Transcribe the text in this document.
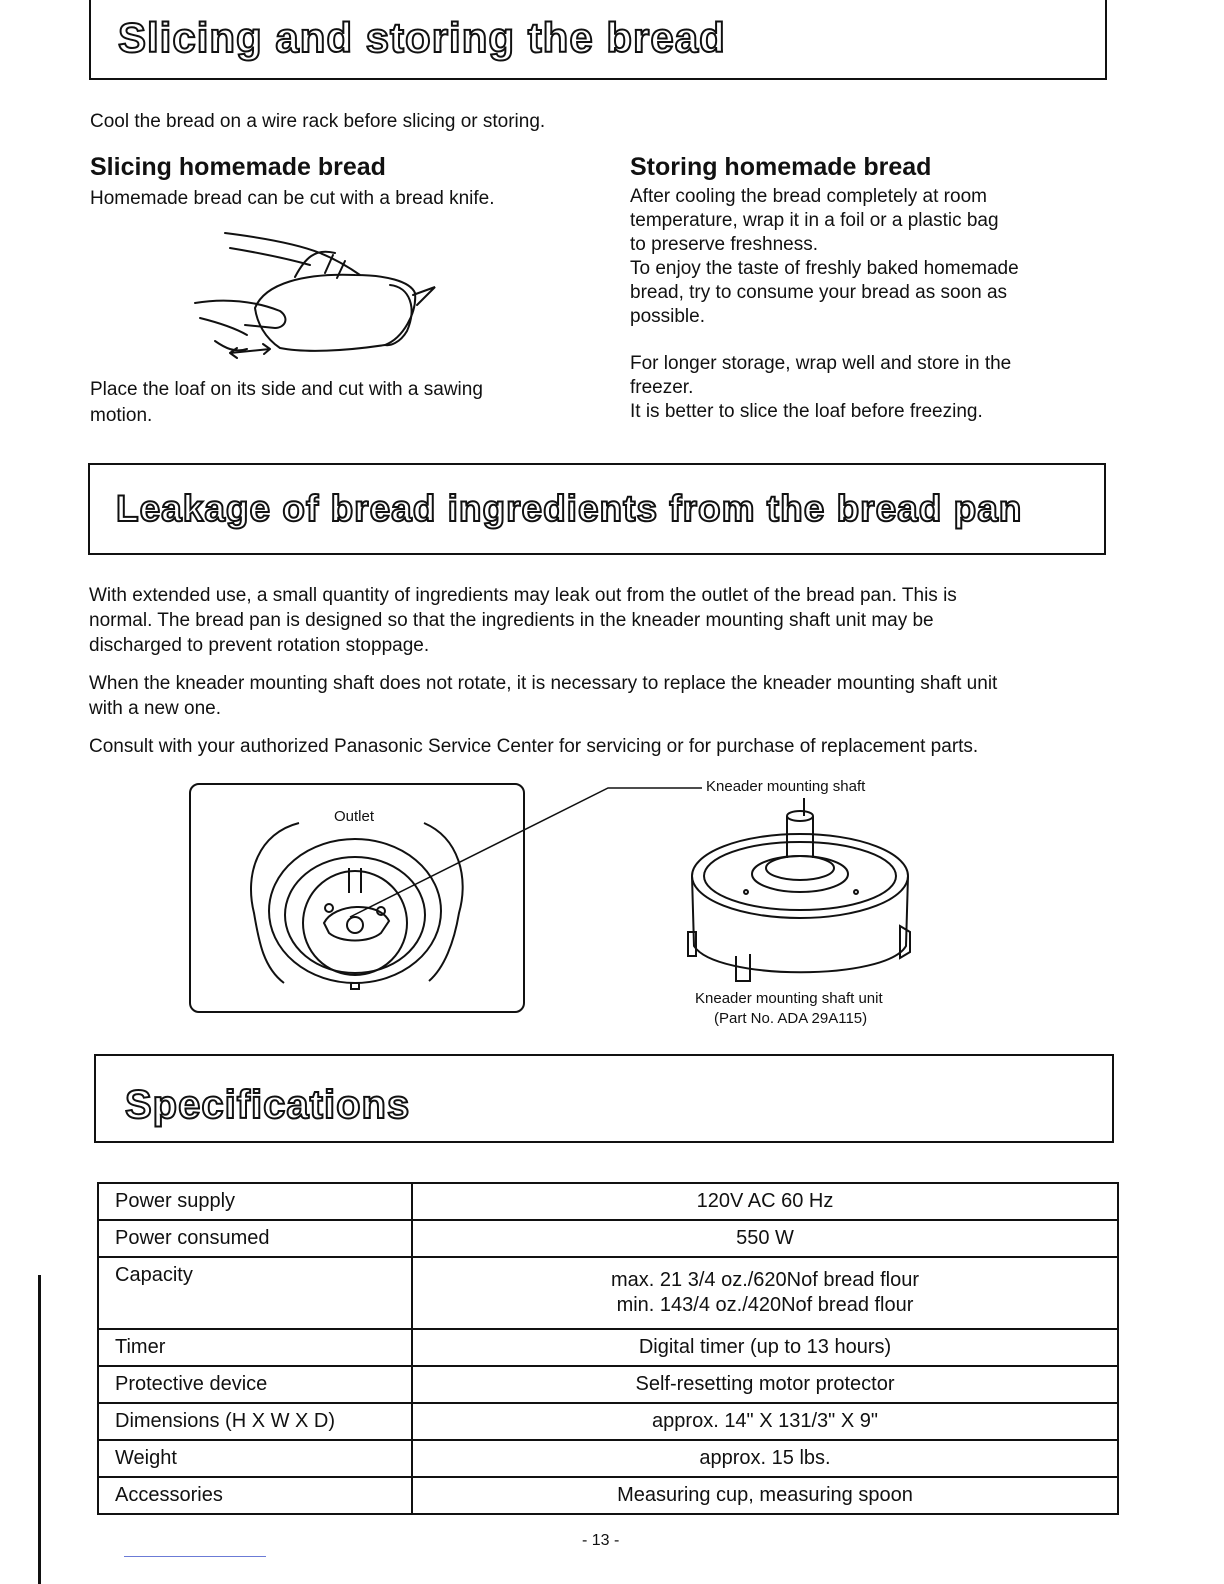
Slicing and storing the bread
Cool the bread on a wire rack before slicing or storing.
Slicing homemade bread
Homemade bread can be cut with a bread knife.
Place the loaf on its side and cut with a sawing
motion.
Storing homemade bread
After cooling the bread completely at room
temperature, wrap it in a foil or a plastic bag
to preserve freshness.
To enjoy the taste of freshly baked homemade
bread, try to consume your bread as soon as
possible.
For longer storage, wrap well and store in the
freezer.
It is better to slice the loaf before freezing.
Leakage of bread ingredients from the bread pan
With extended use, a small quantity of ingredients may leak out from the outlet of the bread pan. This is
normal. The bread pan is designed so that the ingredients in the kneader mounting shaft unit may be
discharged to prevent rotation stoppage.
When the kneader mounting shaft does not rotate, it is necessary to replace the kneader mounting shaft unit
with a new one.
Consult with your authorized Panasonic Service Center for servicing or for purchase of replacement parts.
Outlet
Kneader mounting shaft
Kneader mounting shaft unit
(Part No. ADA 29A115)
Specifications
Power supply	120V AC 60 Hz

Power consumed	550 W

Capacity	max. 21 3/4 oz./620Nof bread flour
min. 143/4 oz./420Nof bread flour

Timer	Digital timer (up to 13 hours)

Protective device	Self-resetting motor protector

Dimensions (H X W X D)	approx. 14" X 131/3" X 9"

Weight	approx. 15 lbs.

Accessories	Measuring cup, measuring spoon
- 13 -
